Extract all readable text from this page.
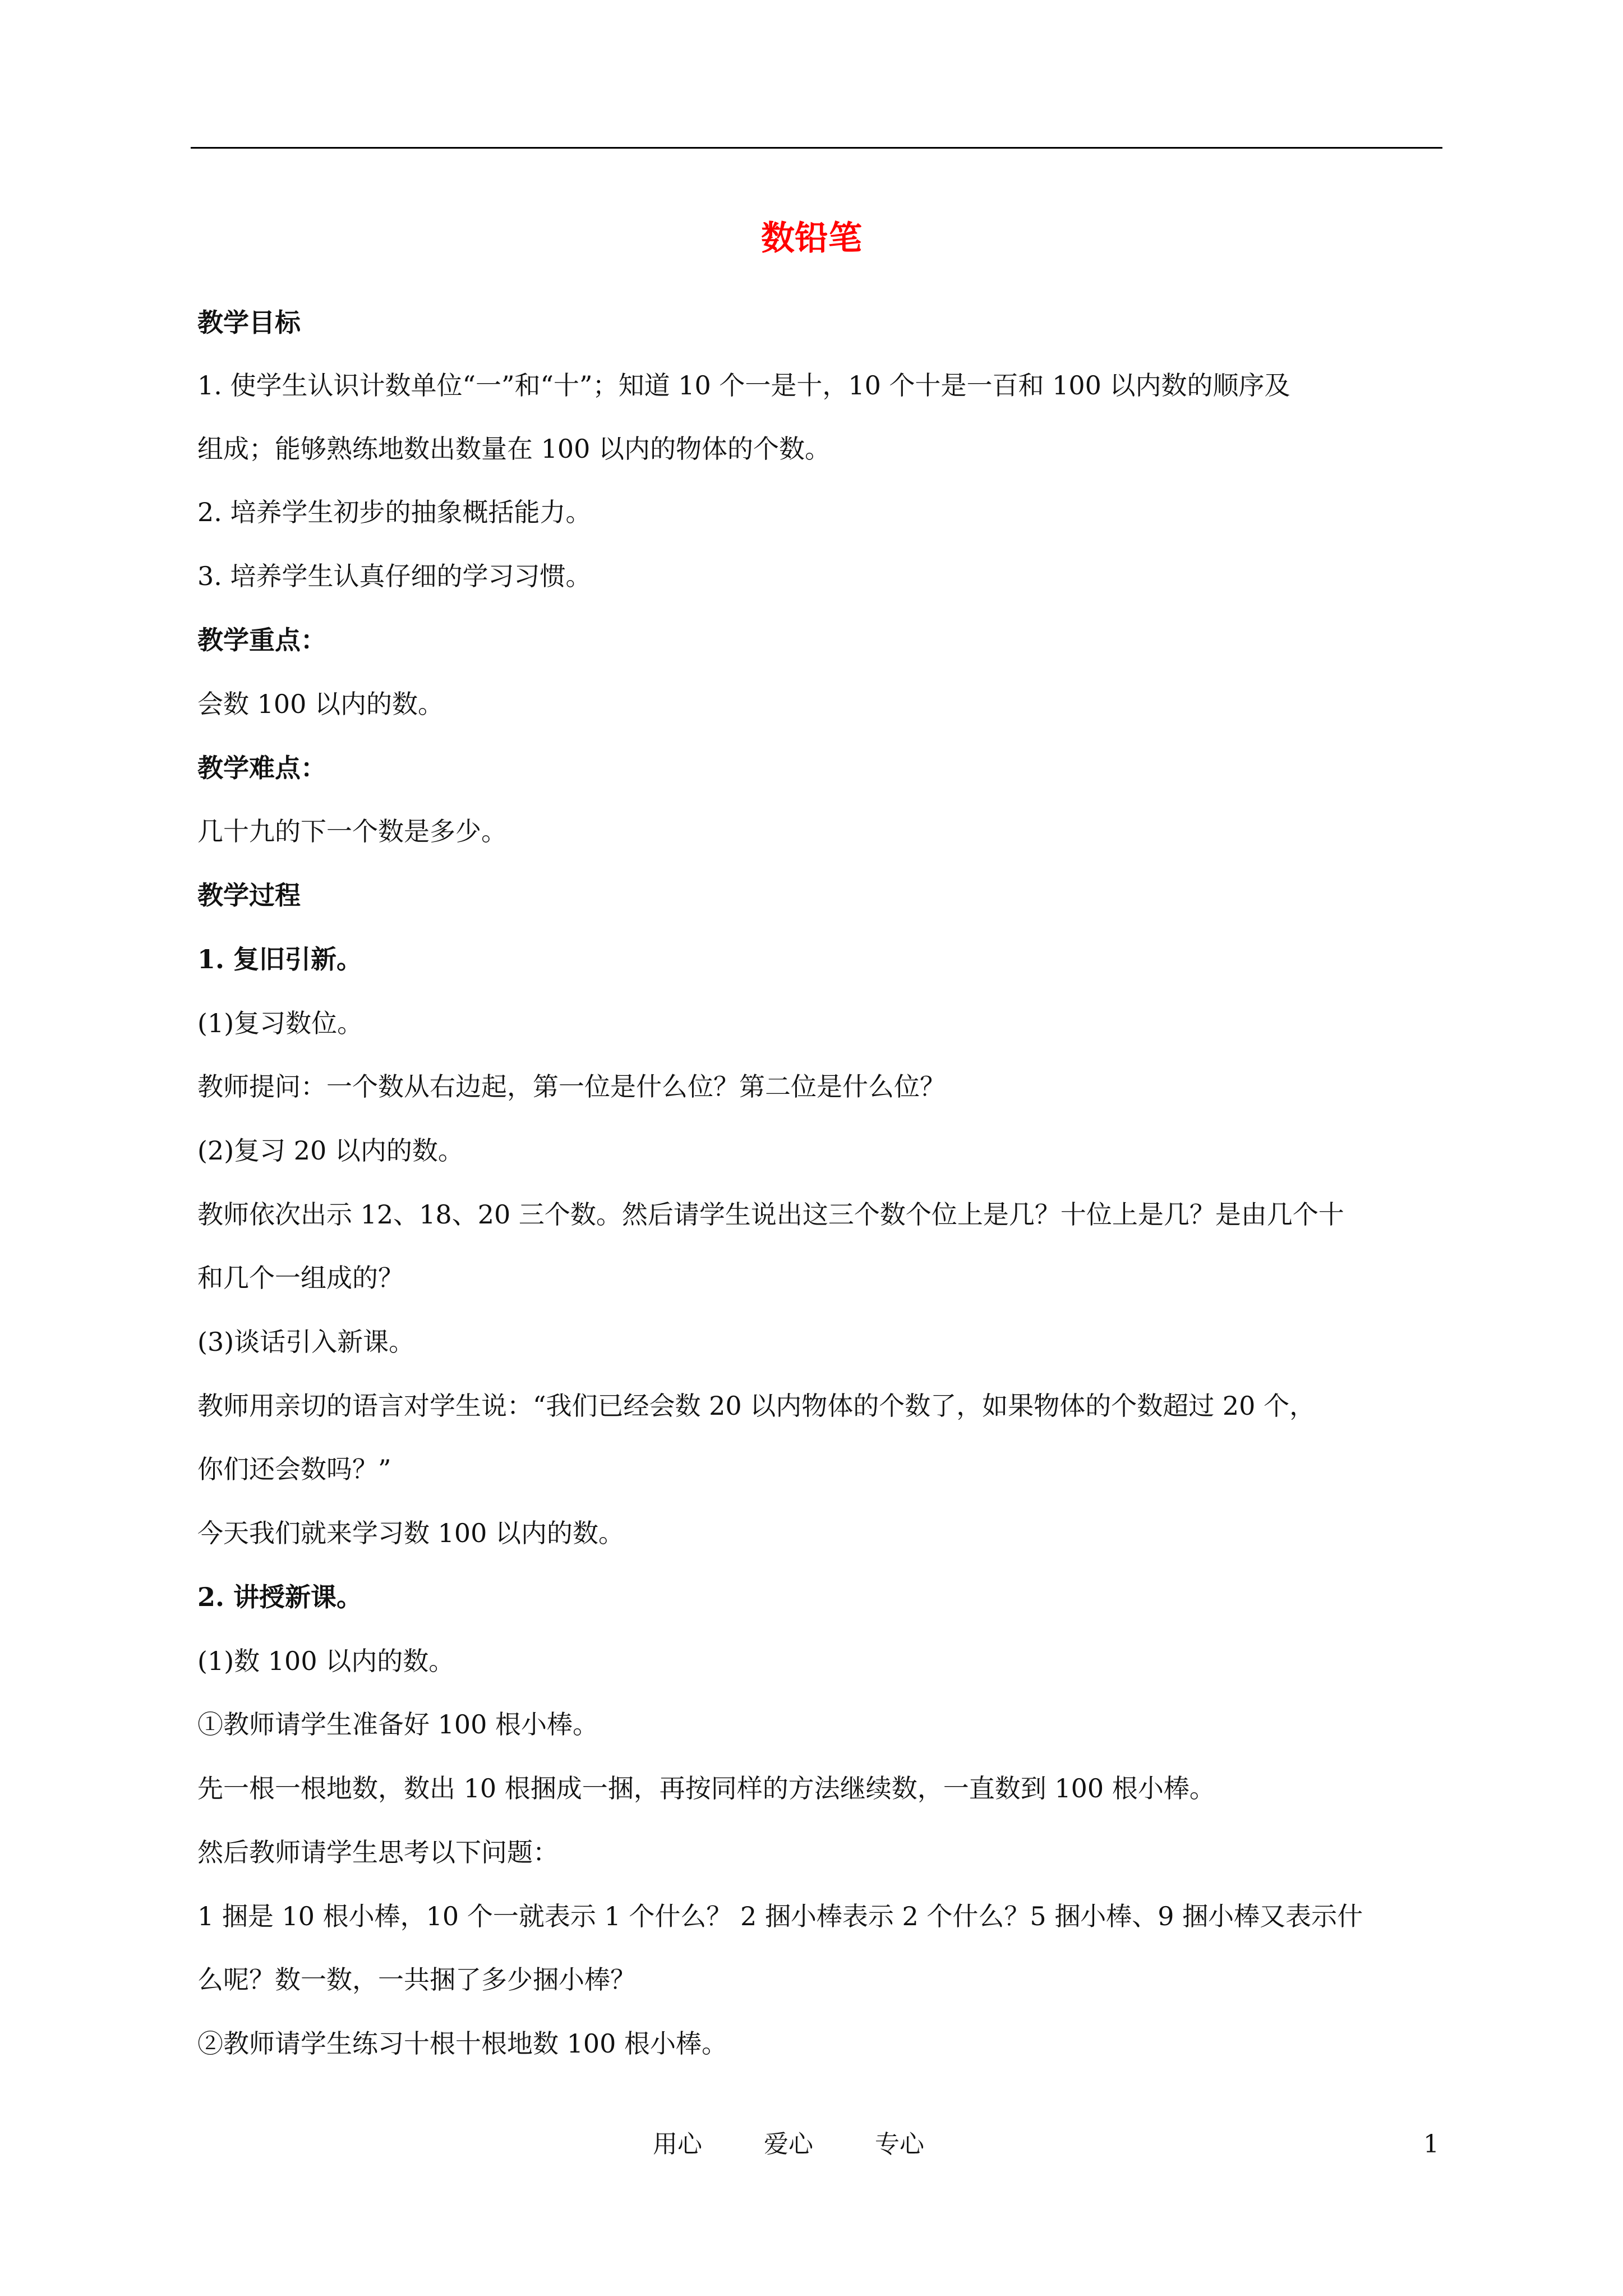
数铅笔
教学目标
1. 使学生认识计数单位“一”和“十”；知道 10 个一是十，10 个十是一百和 100 以内数的顺序及
组成；能够熟练地数出数量在 100 以内的物体的个数。
2. 培养学生初步的抽象概括能力。
3. 培养学生认真仔细的学习习惯。
教学重点：
会数 100 以内的数。
教学难点：
几十九的下一个数是多少。
教学过程
1. 复旧引新。
(1)复习数位。
教师提问：一个数从右边起，第一位是什么位？第二位是什么位？
(2)复习 20 以内的数。
教师依次出示 12、18、20 三个数。然后请学生说出这三个数个位上是几？十位上是几？是由几个十
和几个一组成的？
(3)谈话引入新课。
教师用亲切的语言对学生说：“我们已经会数 20 以内物体的个数了，如果物体的个数超过 20 个，
你们还会数吗？”
今天我们就来学习数 100 以内的数。
2. 讲授新课。
(1)数 100 以内的数。
①教师请学生准备好 100 根小棒。
先一根一根地数，数出 10 根捆成一捆，再按同样的方法继续数，一直数到 100 根小棒。
然后教师请学生思考以下问题：
1 捆是 10 根小棒，10 个一就表示 1 个什么？ 2 捆小棒表示 2 个什么？5 捆小棒、9 捆小棒又表示什
么呢？数一数，一共捆了多少捆小棒？
②教师请学生练习十根十根地数 100 根小棒。
用心	爱心	专心	1
